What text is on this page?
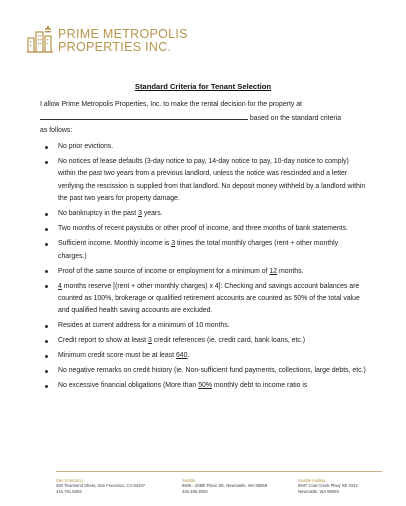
PRIME METROPOLIS
PROPERTIES INC.
Standard Criteria for Tenant Selection
I allow Prime Metropolis Properties, Inc. to make the rental decision for the property at
based on the standard criteria
as follows:
No prior evictions.
No notices of lease defaults (3-day notice to pay, 14-day notice to pay, 10-day notice to comply) within the past two years from a previous landlord, unless the notice was rescinded and a letter verifying the rescission is supplied from that landlord. No deposit money withheld by a landlord within the past two years for property damage.
No bankruptcy in the past 3 years.
Two months of recent paystubs or other proof of income, and three months of bank statements.
Sufficient income. Monthly income is 3 times the total monthly charges (rent + other monthly charges.)
Proof of the same source of income or employment for a minimum of 12 months.
4 months reserve [(rent + other monthly charges) x 4]: Checking and savings account balances are counted as 100%, brokerage or qualified retirement accounts are counted as 50% of the total value and qualified health saving accounts are excluded.
Resides at current address for a minimum of 10 months.
Credit report to show at least 3 credit references (ie. credit card, bank loans, etc.)
Minimum credit score must be at least 640.
No negative remarks on credit history (ie. Non-sufficient fund payments, collections, large debts, etc.)
No excessive financial obligations (More than 50% monthly debt to income ratio is
San Francisco
450 Townsend Street, San Francisco, CA 94107
415.751.5003
Seattle
8606 - 208th Place SE, Newcastle, WA 98059
425.466.3003
Seattle mailing
6947 Coal Creek Pkwy SE #242
Newcastle, WA 98059
